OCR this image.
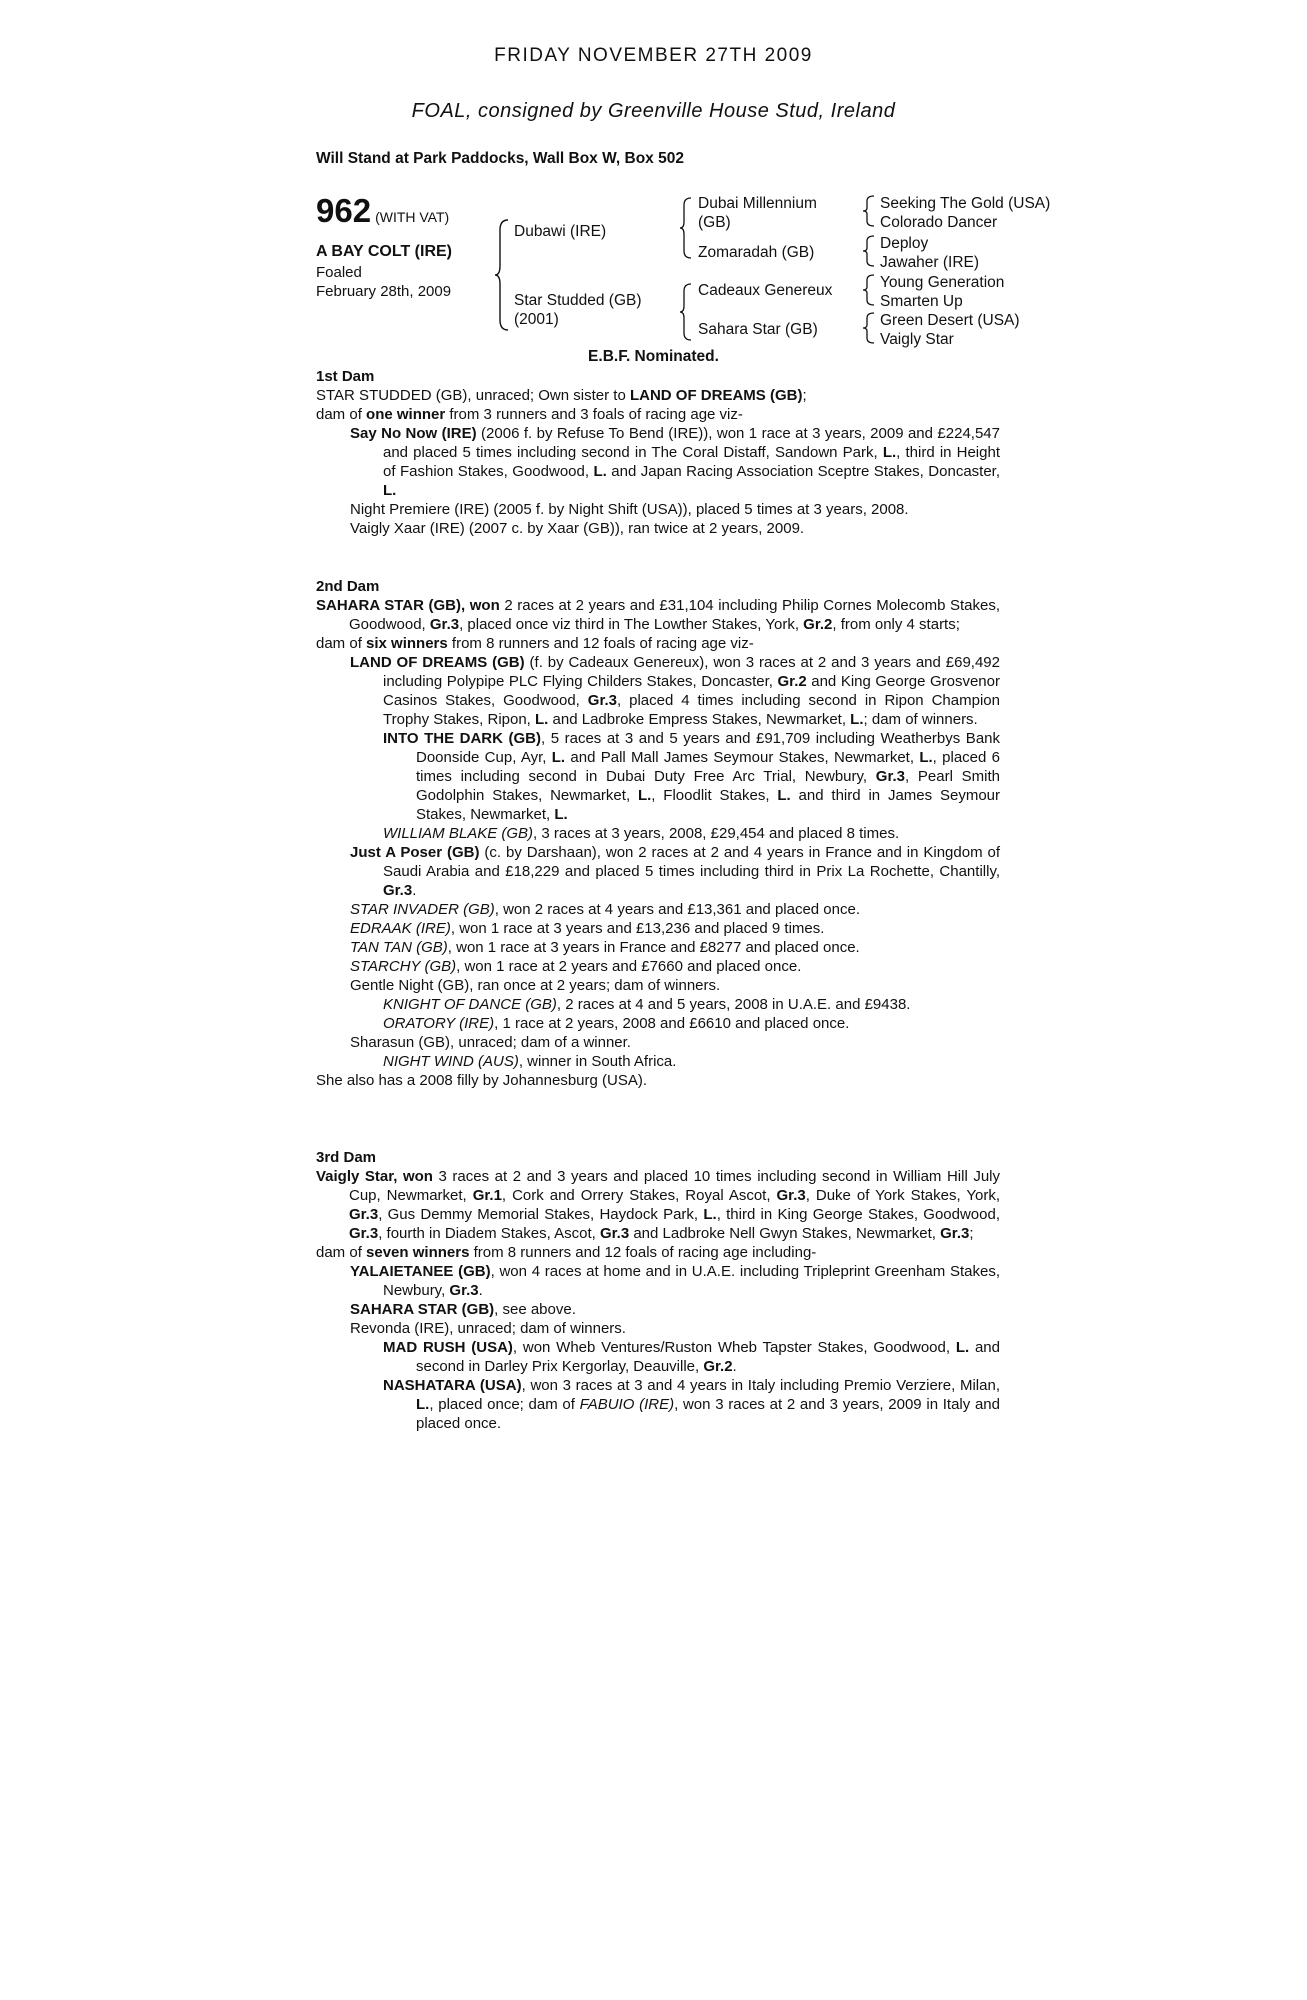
FRIDAY NOVEMBER 27TH 2009
FOAL, consigned by Greenville House Stud, Ireland
Will Stand at Park Paddocks, Wall Box W, Box 502
962 (WITH VAT)
A BAY COLT (IRE)
Foaled
February 28th, 2009
Dubawi (IRE)
Star Studded (GB)
(2001)
Dubai Millennium
(GB)
Zomaradah (GB)
Cadeaux Genereux
Sahara Star (GB)
Seeking The Gold (USA)
Colorado Dancer
Deploy
Jawaher (IRE)
Young Generation
Smarten Up
Green Desert (USA)
Vaigly Star
E.B.F. Nominated.

1st Dam

STAR STUDDED (GB), unraced; Own sister to LAND OF DREAMS (GB);

dam of one winner from 3 runners and 3 foals of racing age viz-

Say No Now (IRE) (2006 f. by Refuse To Bend (IRE)), won 1 race at 3 years, 2009 and £224,547 and placed 5 times including second in The Coral Distaff, Sandown Park, L., third in Height of Fashion Stakes, Goodwood, L. and Japan Racing Association Sceptre Stakes, Doncaster, L.

Night Premiere (IRE) (2005 f. by Night Shift (USA)), placed 5 times at 3 years, 2008.

Vaigly Xaar (IRE) (2007 c. by Xaar (GB)), ran twice at 2 years, 2009.

2nd Dam

SAHARA STAR (GB), won 2 races at 2 years and £31,104 including Philip Cornes Molecomb Stakes, Goodwood, Gr.3, placed once viz third in The Lowther Stakes, York, Gr.2, from only 4 starts;

dam of six winners from 8 runners and 12 foals of racing age viz-

LAND OF DREAMS (GB) (f. by Cadeaux Genereux), won 3 races at 2 and 3 years and £69,492 including Polypipe PLC Flying Childers Stakes, Doncaster, Gr.2 and King George Grosvenor Casinos Stakes, Goodwood, Gr.3, placed 4 times including second in Ripon Champion Trophy Stakes, Ripon, L. and Ladbroke Empress Stakes, Newmarket, L.; dam of winners.

INTO THE DARK (GB), 5 races at 3 and 5 years and £91,709 including Weatherbys Bank Doonside Cup, Ayr, L. and Pall Mall James Seymour Stakes, Newmarket, L., placed 6 times including second in Dubai Duty Free Arc Trial, Newbury, Gr.3, Pearl Smith Godolphin Stakes, Newmarket, L., Floodlit Stakes, L. and third in James Seymour Stakes, Newmarket, L.

WILLIAM BLAKE (GB), 3 races at 3 years, 2008, £29,454 and placed 8 times.

Just A Poser (GB) (c. by Darshaan), won 2 races at 2 and 4 years in France and in Kingdom of Saudi Arabia and £18,229 and placed 5 times including third in Prix La Rochette, Chantilly, Gr.3.

STAR INVADER (GB), won 2 races at 4 years and £13,361 and placed once.

EDRAAK (IRE), won 1 race at 3 years and £13,236 and placed 9 times.

TAN TAN (GB), won 1 race at 3 years in France and £8277 and placed once.

STARCHY (GB), won 1 race at 2 years and £7660 and placed once.

Gentle Night (GB), ran once at 2 years; dam of winners.

KNIGHT OF DANCE (GB), 2 races at 4 and 5 years, 2008 in U.A.E. and £9438.

ORATORY (IRE), 1 race at 2 years, 2008 and £6610 and placed once.

Sharasun (GB), unraced; dam of a winner.

NIGHT WIND (AUS), winner in South Africa.

She also has a 2008 filly by Johannesburg (USA).

3rd Dam

Vaigly Star, won 3 races at 2 and 3 years and placed 10 times including second in William Hill July Cup, Newmarket, Gr.1, Cork and Orrery Stakes, Royal Ascot, Gr.3, Duke of York Stakes, York, Gr.3, Gus Demmy Memorial Stakes, Haydock Park, L., third in King George Stakes, Goodwood, Gr.3, fourth in Diadem Stakes, Ascot, Gr.3 and Ladbroke Nell Gwyn Stakes, Newmarket, Gr.3;

dam of seven winners from 8 runners and 12 foals of racing age including-

YALAIETANEE (GB), won 4 races at home and in U.A.E. including Tripleprint Greenham Stakes, Newbury, Gr.3.

SAHARA STAR (GB), see above.

Revonda (IRE), unraced; dam of winners.

MAD RUSH (USA), won Wheb Ventures/Ruston Wheb Tapster Stakes, Goodwood, L. and second in Darley Prix Kergorlay, Deauville, Gr.2.

NASHATARA (USA), won 3 races at 3 and 4 years in Italy including Premio Verziere, Milan, L., placed once; dam of FABUIO (IRE), won 3 races at 2 and 3 years, 2009 in Italy and placed once.
